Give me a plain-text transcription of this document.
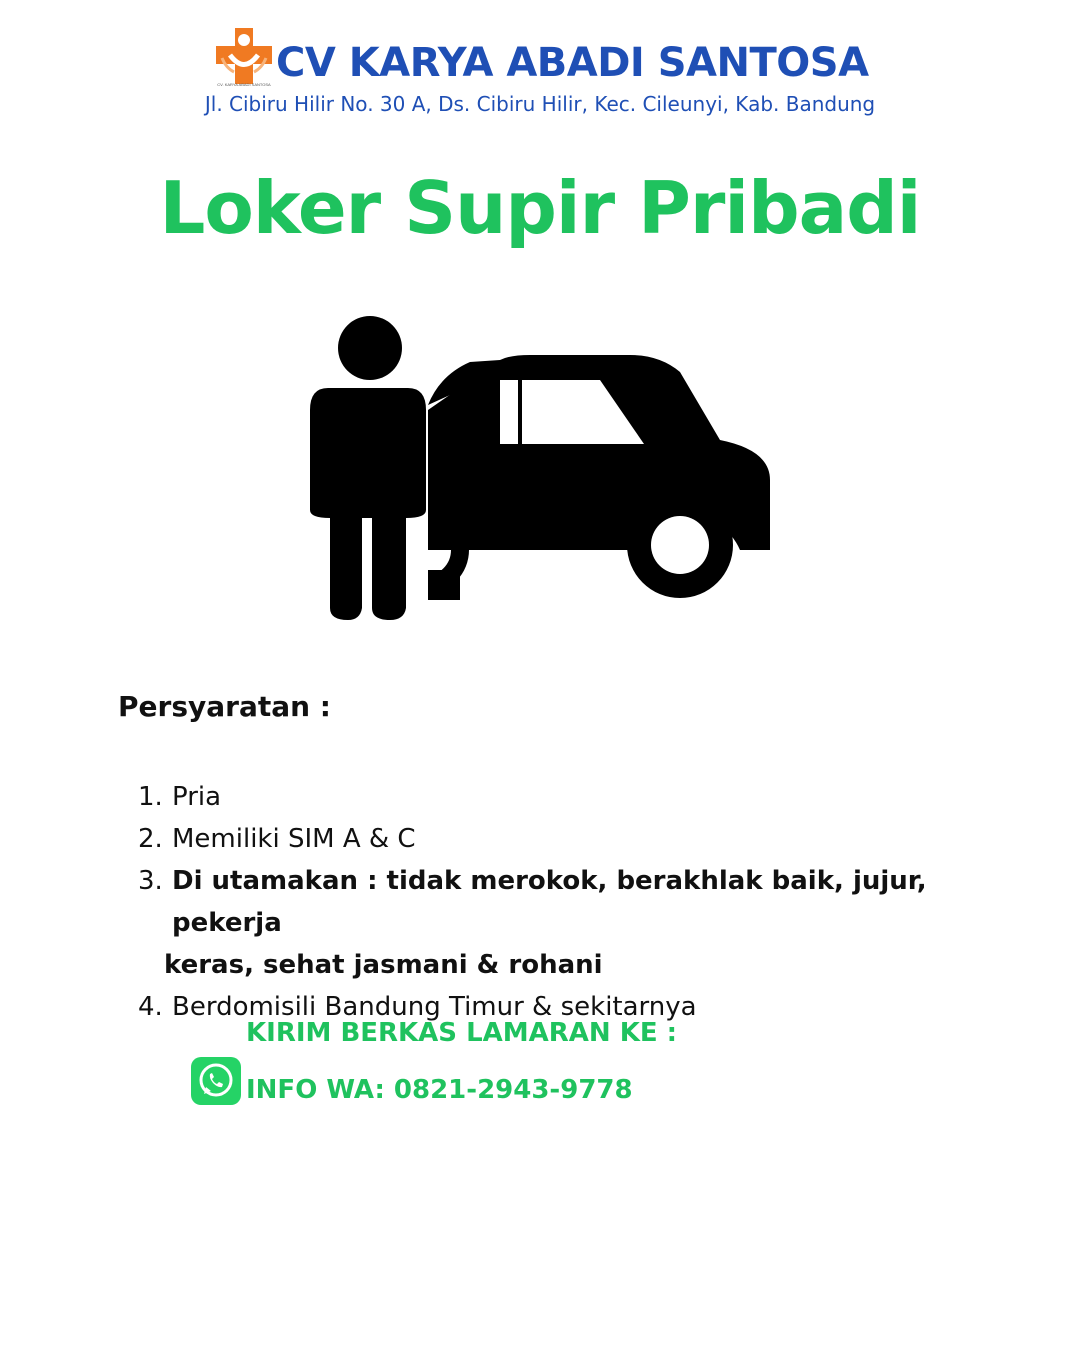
CV. KARYA ABADI SANTOSA CV KARYA ABADI SANTOSA
Jl. Cibiru Hilir No. 30 A, Ds. Cibiru Hilir, Kec. Cileunyi, Kab. Bandung
Loker Supir Pribadi
Persyaratan :
1. Pria
2. Memiliki SIM A & C
3. Di utamakan : tidak merokok, berakhlak baik, jujur, pekerja
keras, sehat jasmani & rohani
4. Berdomisili Bandung Timur & sekitarnya
KIRIM BERKAS LAMARAN KE :
INFO WA: 0821-2943-9778
